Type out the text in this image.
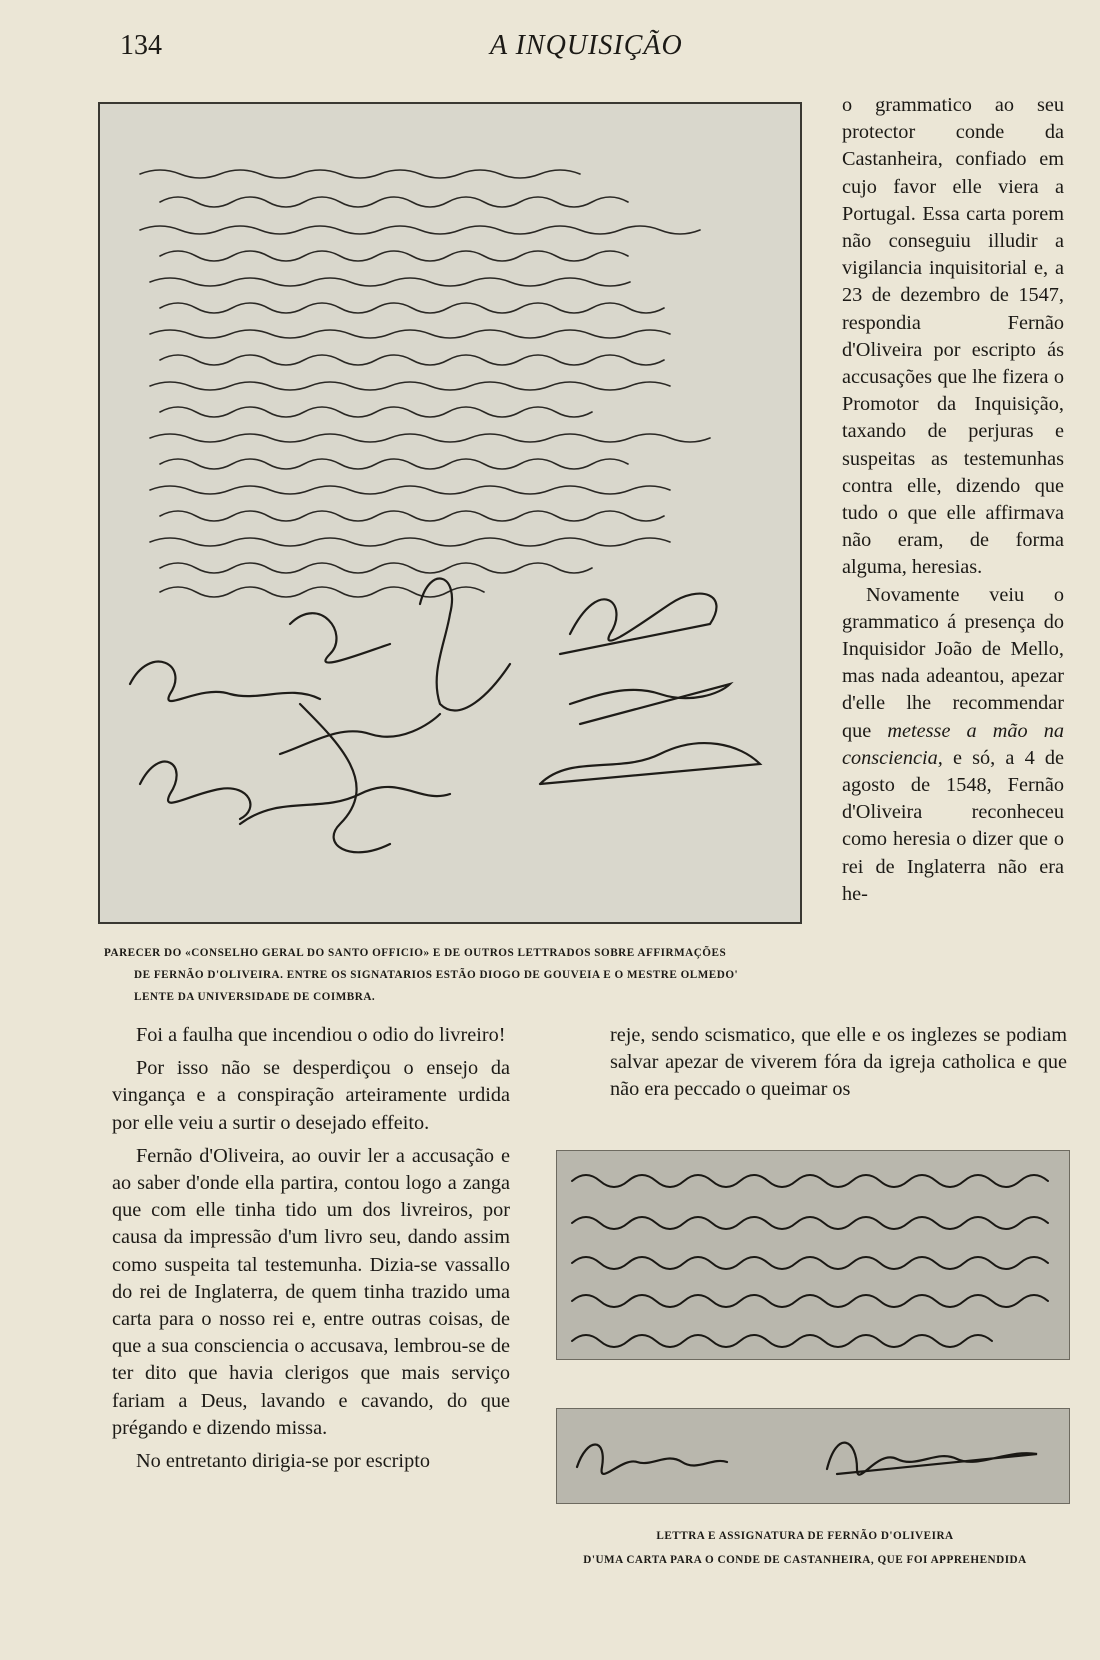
134	A INQUISIÇÃO

o grammatico ao seu protector conde da Castanheira, confiado em cujo favor elle viera a Portugal. Essa carta porem não conseguiu illudir a vigilancia inquisitorial e, a 23 de dezembro de 1547, respondia Fernão d'Oliveira por escripto ás accusações que lhe fizera o Promotor da Inquisição, taxando de perjuras e suspeitas as testemunhas contra elle, dizendo que tudo o que elle affirmava não eram, de forma alguma, heresias.

Novamente veiu o grammatico á presença do Inquisidor João de Mello, mas nada adeantou, apezar d'elle lhe recommendar que metesse a mão na consciencia, e só, a 4 de agosto de 1548, Fernão d'Oliveira reconheceu como heresia o dizer que o rei de Inglaterra não era he-

PARECER DO «CONSELHO GERAL DO SANTO OFFICIO» E DE OUTROS LETTRADOS SOBRE AFFIRMAÇÕES
DE FERNÃO D'OLIVEIRA. ENTRE OS SIGNATARIOS ESTÃO DIOGO DE GOUVEIA E O MESTRE OLMEDO'
LENTE DA UNIVERSIDADE DE COIMBRA.

reje, sendo scismatico, que elle e os inglezes se podiam salvar apezar de viverem fóra da igreja catholica e que não era peccado o queimar os

Foi a faulha que incendiou o odio do livreiro!

Por isso não se desperdiçou o ensejo da vingança e a conspiração arteiramente urdida por elle veiu a surtir o desejado effeito.

Fernão d'Oliveira, ao ouvir ler a accusação e ao saber d'onde ella partira, contou logo a zanga que com elle tinha tido um dos livreiros, por causa da impressão d'um livro seu, dando assim como suspeita tal testemunha. Dizia-se vassallo do rei de Inglaterra, de quem tinha trazido uma carta para o nosso rei e, entre outras coisas, de que a sua consciencia o accusava, lembrou-se de ter dito que havia clerigos que mais serviço fariam a Deus, lavando e cavando, do que prégando e dizendo missa.

No entretanto dirigia-se por escripto

LETTRA E ASSIGNATURA DE FERNÃO D'OLIVEIRA
D'UMA CARTA PARA O CONDE DE CASTANHEIRA, QUE FOI APPREHENDIDA
